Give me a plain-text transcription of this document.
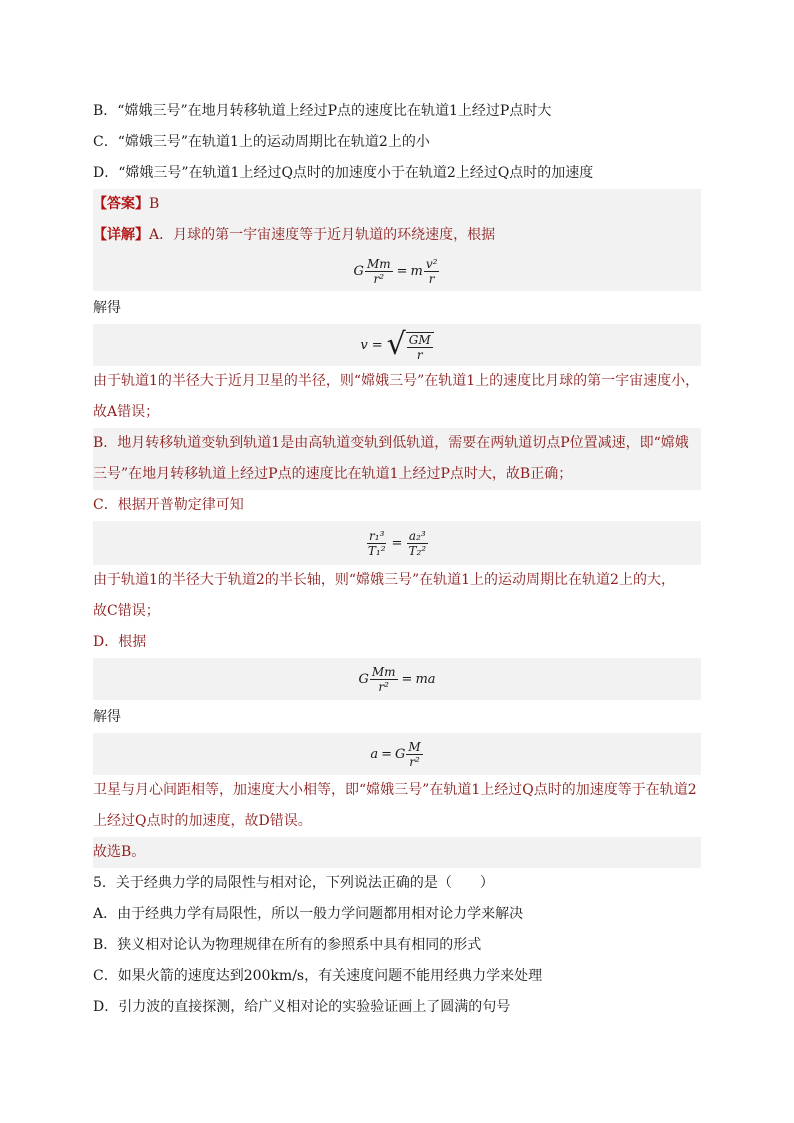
B．“嫦娥三号”在地月转移轨道上经过P点的速度比在轨道1上经过P点时大
C．“嫦娥三号”在轨道1上的运动周期比在轨道2上的小
D．“嫦娥三号”在轨道1上经过Q点时的加速度小于在轨道2上经过Q点时的加速度
【答案】B
【详解】A．月球的第一宇宙速度等于近月轨道的环绕速度，根据
G $\frac{Mm}{\text{r²}} = m \frac{\text{v²}}{r}$
解得
v = √ $\frac{GM}{r}$
由于轨道1的半径大于近月卫星的半径，则“嫦娥三号”在轨道1上的速度比月球的第一宇宙速度小，
故A错误；
B．地月转移轨道变轨到轨道1是由高轨道变轨到低轨道，需要在两轨道切点P位置减速，即“嫦娥
三号”在地月转移轨道上经过P点的速度比在轨道1上经过P点时大，故B正确；
C．根据开普勒定律可知
$\frac{\text{r₁³}}{\text{T₁²}} = \frac{\text{a₂³}}{\text{T₂²}}$
由于轨道1的半径大于轨道2的半长轴，则“嫦娥三号”在轨道1上的运动周期比在轨道2上的大，
故C错误；
D．根据
G $\frac{Mm}{\text{r²}}$ = ma
解得
a = G $\frac{M}{\text{r²}}$
卫星与月心间距相等，加速度大小相等，即“嫦娥三号”在轨道1上经过Q点时的加速度等于在轨道2
上经过Q点时的加速度，故D错误。
故选B。
5．关于经典力学的局限性与相对论，下列说法正确的是（　　）
A．由于经典力学有局限性，所以一般力学问题都用相对论力学来解决
B．狭义相对论认为物理规律在所有的参照系中具有相同的形式
C．如果火箭的速度达到200km/s，有关速度问题不能用经典力学来处理
D．引力波的直接探测，给广义相对论的实验验证画上了圆满的句号
